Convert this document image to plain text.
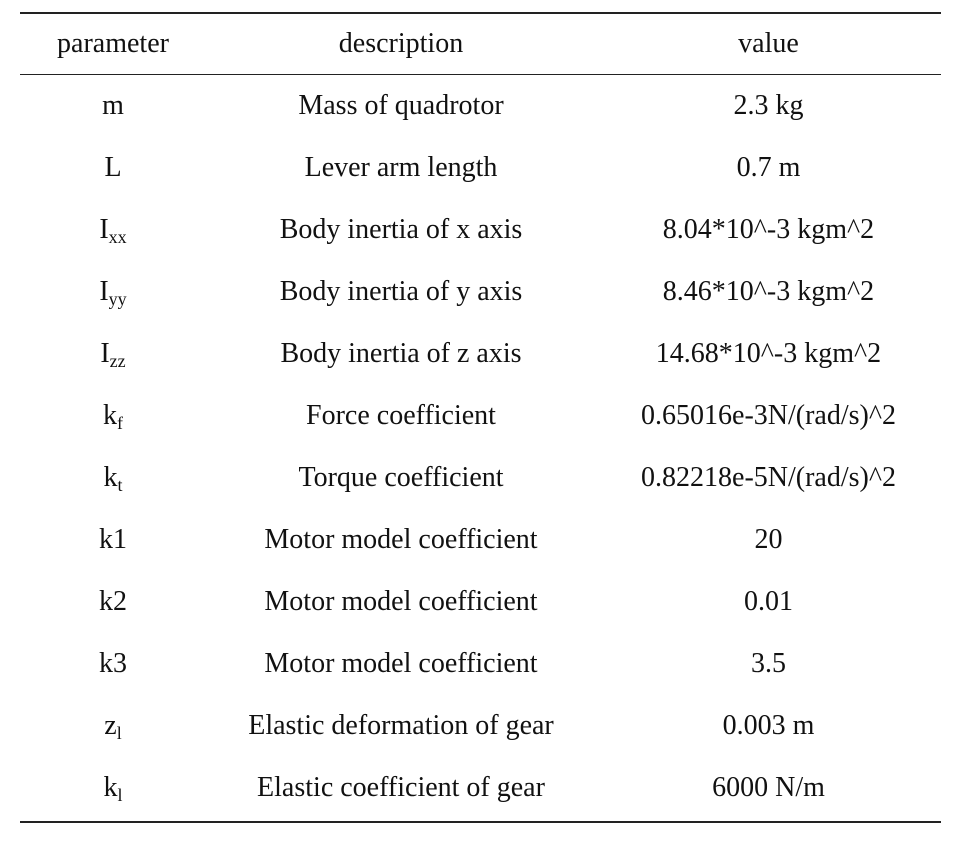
parameter	description	value
m	Mass of quadrotor	2.3 kg
L	Lever arm length	0.7 m
$I_{xx}$	Body inertia of x axis	8.04*10^-3 kgm^2
$I_{yy}$	Body inertia of y axis	8.46*10^-3 kgm^2
$I_{zz}$	Body inertia of z axis	14.68*10^-3 kgm^2
$k_f$	Force coefficient	0.65016e-3N/(rad/s)^2
$k_t$	Torque coefficient	0.82218e-5N/(rad/s)^2
k1	Motor model coefficient	20
k2	Motor model coefficient	0.01
k3	Motor model coefficient	3.5
$z_l$	Elastic deformation of gear	0.003 m
$k_l$	Elastic coefficient of gear	6000 N/m
